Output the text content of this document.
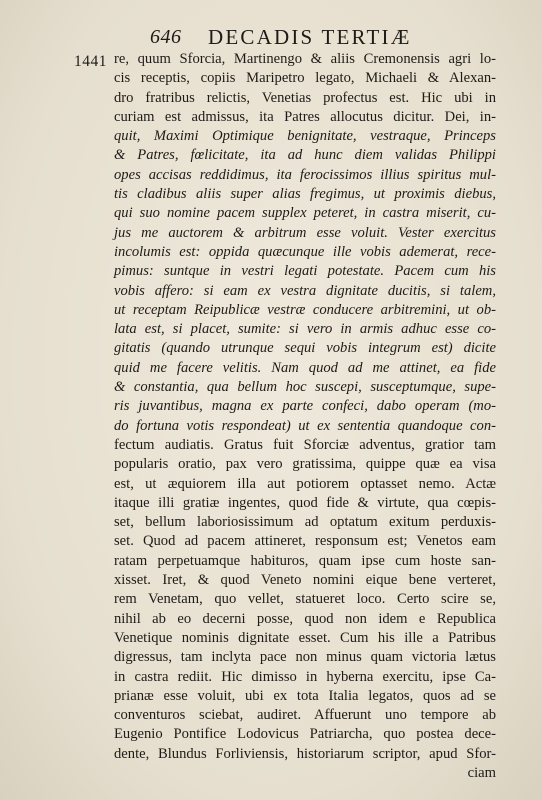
646 DECADIS TERTIÆ
1441 re, quum Sforcia, Martinengo & aliis Cremonensis agri lo-
cis receptis, copiis Maripetro legato, Michaeli & Alexan-
dro fratribus relictis, Venetias profectus est. Hic ubi in
curiam est admissus, ita Patres allocutus dicitur. Dei, in-
quit, Maximi Optimique benignitate, vestraque, Princeps
& Patres, fœlicitate, ita ad hunc diem validas Philippi
opes accisas reddidimus, ita ferocissimos illius spiritus mul-
tis cladibus aliis super alias fregimus, ut proximis diebus,
qui suo nomine pacem supplex peteret, in castra miserit, cu-
jus me auctorem & arbitrum esse voluit. Vester exercitus
incolumis est: oppida quæcunque ille vobis ademerat, rece-
pimus: suntque in vestri legati potestate. Pacem cum his
vobis affero: si eam ex vestra dignitate ducitis, si talem,
ut receptam Reipublicæ vestræ conducere arbitremini, ut ob-
lata est, si placet, sumite: si vero in armis adhuc esse co-
gitatis (quando utrunque sequi vobis integrum est) dicite
quid me facere velitis. Nam quod ad me attinet, ea fide
& constantia, qua bellum hoc suscepi, susceptumque, supe-
ris juvantibus, magna ex parte confeci, dabo operam (mo-
do fortuna votis respondeat) ut ex sententia quandoque con-
fectum audiatis. Gratus fuit Sforciæ adventus, gratior tam
popularis oratio, pax vero gratissima, quippe quæ ea visa
est, ut æquiorem illa aut potiorem optasset nemo. Actæ
itaque illi gratiæ ingentes, quod fide & virtute, qua cœpis-
set, bellum laboriosissimum ad optatum exitum perduxis-
set. Quod ad pacem attineret, responsum est; Venetos eam
ratam perpetuamque habituros, quam ipse cum hoste san-
xisset. Iret, & quod Veneto nomini eique bene verteret,
rem Venetam, quo vellet, statueret loco. Certo scire se,
nihil ab eo decerni posse, quod non idem e Republica
Venetique nominis dignitate esset. Cum his ille a Patribus
digressus, tam inclyta pace non minus quam victoria lætus
in castra rediit. Hic dimisso in hyberna exercitu, ipse Ca-
prianæ esse voluit, ubi ex tota Italia legatos, quos ad se
conventuros sciebat, audiret. Affuerunt uno tempore ab
Eugenio Pontifice Lodovicus Patriarcha, quo postea dece-
dente, Blundus Forliviensis, historiarum scriptor, apud Sfor-
ciam
